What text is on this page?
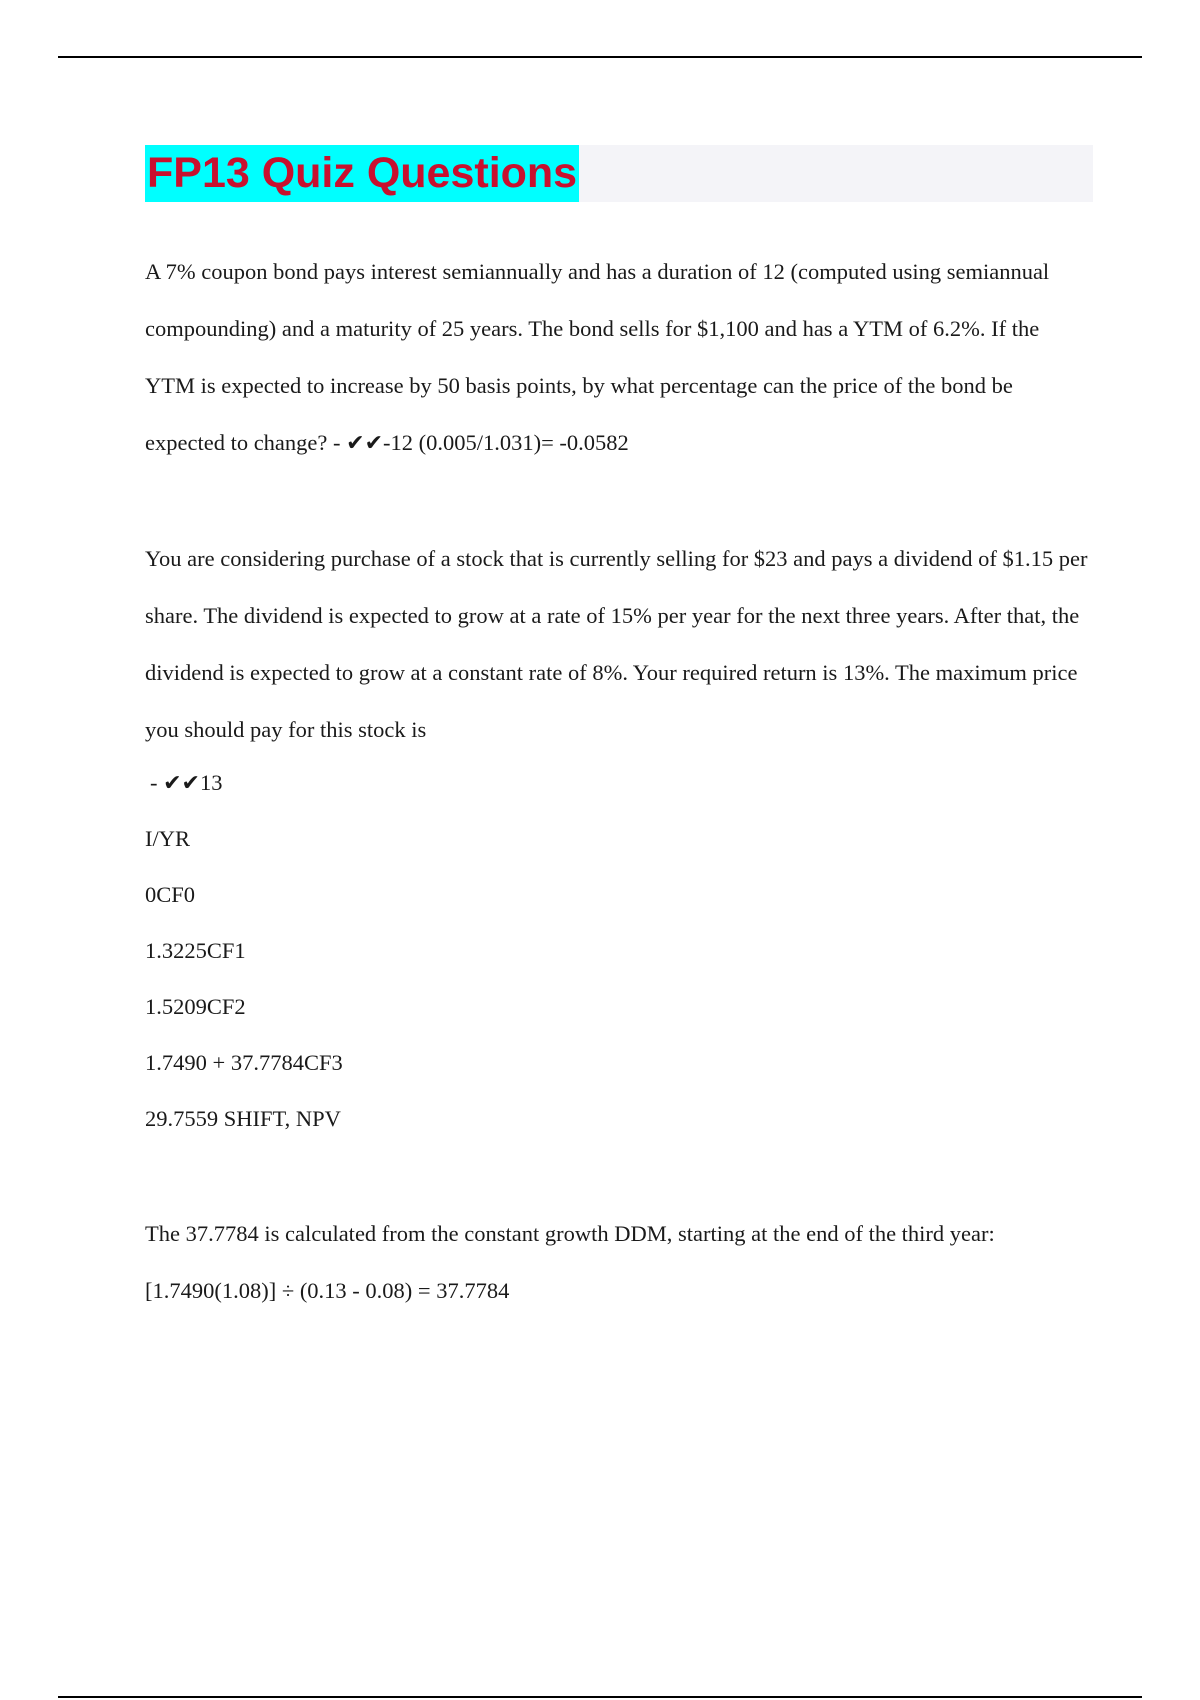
FP13 Quiz Questions

A 7% coupon bond pays interest semiannually and has a duration of 12 (computed using semiannual compounding) and a maturity of 25 years. The bond sells for $1,100 and has a YTM of 6.2%. If the YTM is expected to increase by 50 basis points, by what percentage can the price of the bond be expected to change? - ✔✔-12 (0.005/1.031)= -0.0582

You are considering purchase of a stock that is currently selling for $23 and pays a dividend of $1.15 per share. The dividend is expected to grow at a rate of 15% per year for the next three years. After that, the dividend is expected to grow at a constant rate of 8%. Your required return is 13%. The maximum price you should pay for this stock is

- ✔✔13
I/YR
0CF0
1.3225CF1
1.5209CF2
1.7490 + 37.7784CF3
29.7559 SHIFT, NPV

The 37.7784 is calculated from the constant growth DDM, starting at the end of the third year: [1.7490(1.08)] ÷ (0.13 - 0.08) = 37.7784
